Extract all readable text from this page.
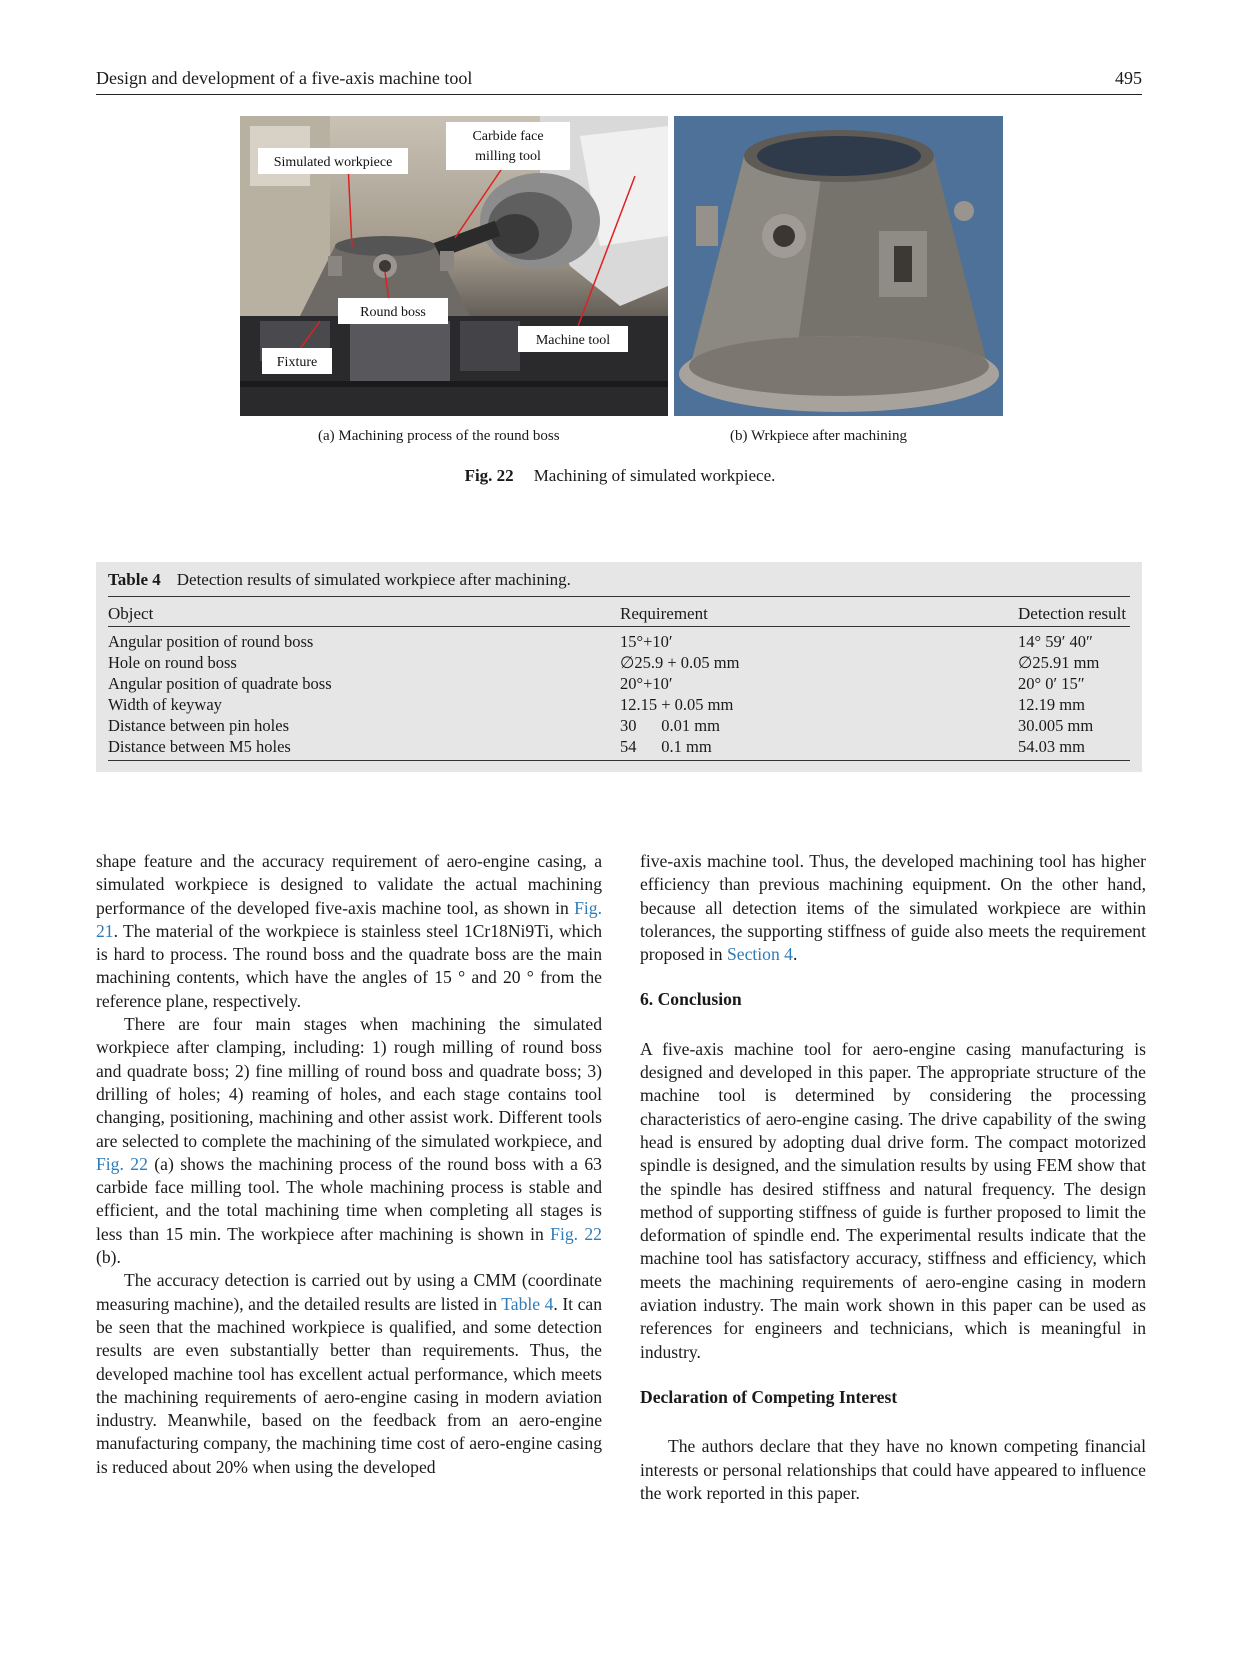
Design and development of a five-axis machine tool	495
Simulated workpiece
Carbide face
milling tool
Round boss
Machine tool
Fixture
(a) Machining process of the round boss	(b) Wrkpiece after machining
Fig. 22 Machining of simulated workpiece.
Table 4 Detection results of simulated workpiece after machining.
Object	Requirement	Detection result
Angular position of round boss	15°+10′	14° 59′ 40″
Hole on round boss	∅25.9 + 0.05 mm	∅25.91 mm
Angular position of quadrate boss	20°+10′	20° 0′ 15″
Width of keyway	12.15 + 0.05 mm	12.19 mm
Distance between pin holes	30      0.01 mm	30.005 mm
Distance between M5 holes	54      0.1 mm	54.03 mm

shape feature and the accuracy requirement of aero-engine casing, a simulated workpiece is designed to validate the actual machining performance of the developed five-axis machine tool, as shown in Fig. 21. The material of the workpiece is stainless steel 1Cr18Ni9Ti, which is hard to process. The round boss and the quadrate boss are the main machining contents, which have the angles of 15 ° and 20 ° from the reference plane, respectively.

There are four main stages when machining the simulated workpiece after clamping, including: 1) rough milling of round boss and quadrate boss; 2) fine milling of round boss and quadrate boss; 3) drilling of holes; 4) reaming of holes, and each stage contains tool changing, positioning, machining and other assist work. Different tools are selected to complete the machining of the simulated workpiece, and Fig. 22 (a) shows the machining process of the round boss with a 63 carbide face milling tool. The whole machining process is stable and efficient, and the total machining time when completing all stages is less than 15 min. The workpiece after machining is shown in Fig. 22 (b).

The accuracy detection is carried out by using a CMM (coordinate measuring machine), and the detailed results are listed in Table 4. It can be seen that the machined workpiece is qualified, and some detection results are even substantially better than requirements. Thus, the developed machine tool has excellent actual performance, which meets the machining requirements of aero-engine casing in modern aviation industry. Meanwhile, based on the feedback from an aero-engine manufacturing company, the machining time cost of aero-engine casing is reduced about 20% when using the developed

five-axis machine tool. Thus, the developed machining tool has higher efficiency than previous machining equipment. On the other hand, because all detection items of the simulated workpiece are within tolerances, the supporting stiffness of guide also meets the requirement proposed in Section 4.

6. Conclusion

A five-axis machine tool for aero-engine casing manufacturing is designed and developed in this paper. The appropriate structure of the machine tool is determined by considering the processing characteristics of aero-engine casing. The drive capability of the swing head is ensured by adopting dual drive form. The compact motorized spindle is designed, and the simulation results by using FEM show that the spindle has desired stiffness and natural frequency. The design method of supporting stiffness of guide is further proposed to limit the deformation of spindle end. The experimental results indicate that the machine tool has satisfactory accuracy, stiffness and efficiency, which meets the machining requirements of aero-engine casing in modern aviation industry. The main work shown in this paper can be used as references for engineers and technicians, which is meaningful in industry.

Declaration of Competing Interest

The authors declare that they have no known competing financial interests or personal relationships that could have appeared to influence the work reported in this paper.
